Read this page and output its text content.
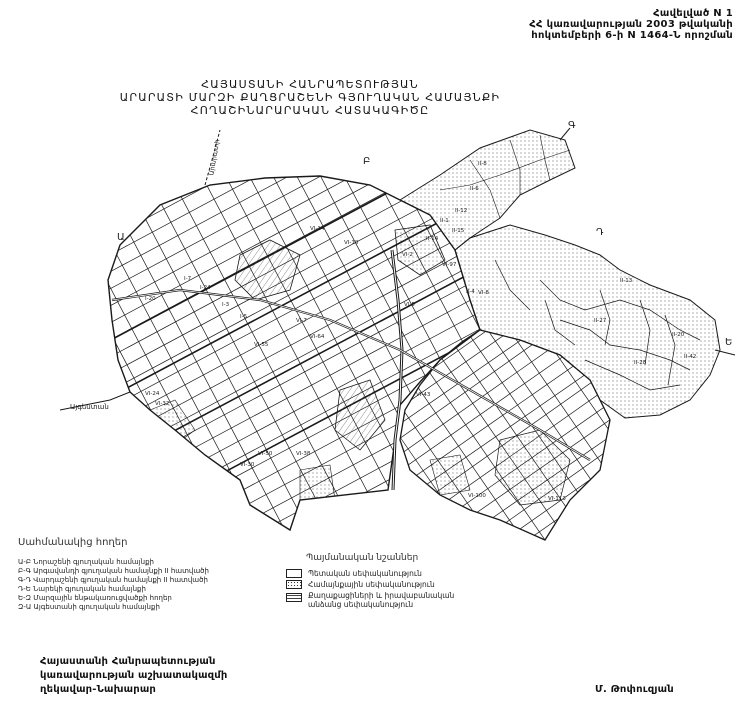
Հավելված N 1
ՀՀ կառավարության 2003 թվականի
հոկտեմբերի 6-ի N 1464-Ն որոշման
ՀԱՅԱՍՏԱՆԻ ՀԱՆՐԱՊԵՏՈՒԹՅԱՆ
ԱՐԱՐԱՏԻ ՄԱՐԶԻ ՔԱՂՑՐԱՇԵՆԻ ԳՅՈՒՂԱԿԱՆ ՀԱՄԱՅՆՔԻ
ՀՈՂԱՇԻՆԱՐԱՐԱԿԱՆ ՀԱՏԱԿԱԳԻԾԸ
Ա
Բ
Գ
Դ
Ե
Այգեստան
Արարատի	II-8
II-6
II-12
II-15
VI-10
VI-14
VI-2
VI-97
VI-5
VI-7
VI-8
VI-55
VI-64
VI-32
VI-24	VI-43
VI-30
VI-38
VI-50
VI-100	VI-113
II-1
II-4
II-13
II-27
II-28
II-14
II-42
II-20
I-20
I-24
I-5
I-3
I-7
Սահմանակից հողեր
Ա-Բ Նորաշենի գյուղական համայնքի
Բ-Գ Արգավանդի գյուղական համայնքի II հատվածի
Գ-Դ Վարդաշենի գյուղական համայնքի II հատվածի
Դ-Ե Նարեկի գյուղական համայնքի
Ե-Զ Մարզային ենթակառուցվածքի հողեր
Զ-Ա Այգեստանի գյուղական համայնքի
Պայմանական նշաններ
Պետական սեփականություն
Համայնքային սեփականություն
Քաղաքացիների և իրավաբանական անձանց սեփականություն
Հայաստանի Հանրապետության
կառավարության աշխատակազմի
ղեկավար-Նախարար	Մ. Թոփուզյան
